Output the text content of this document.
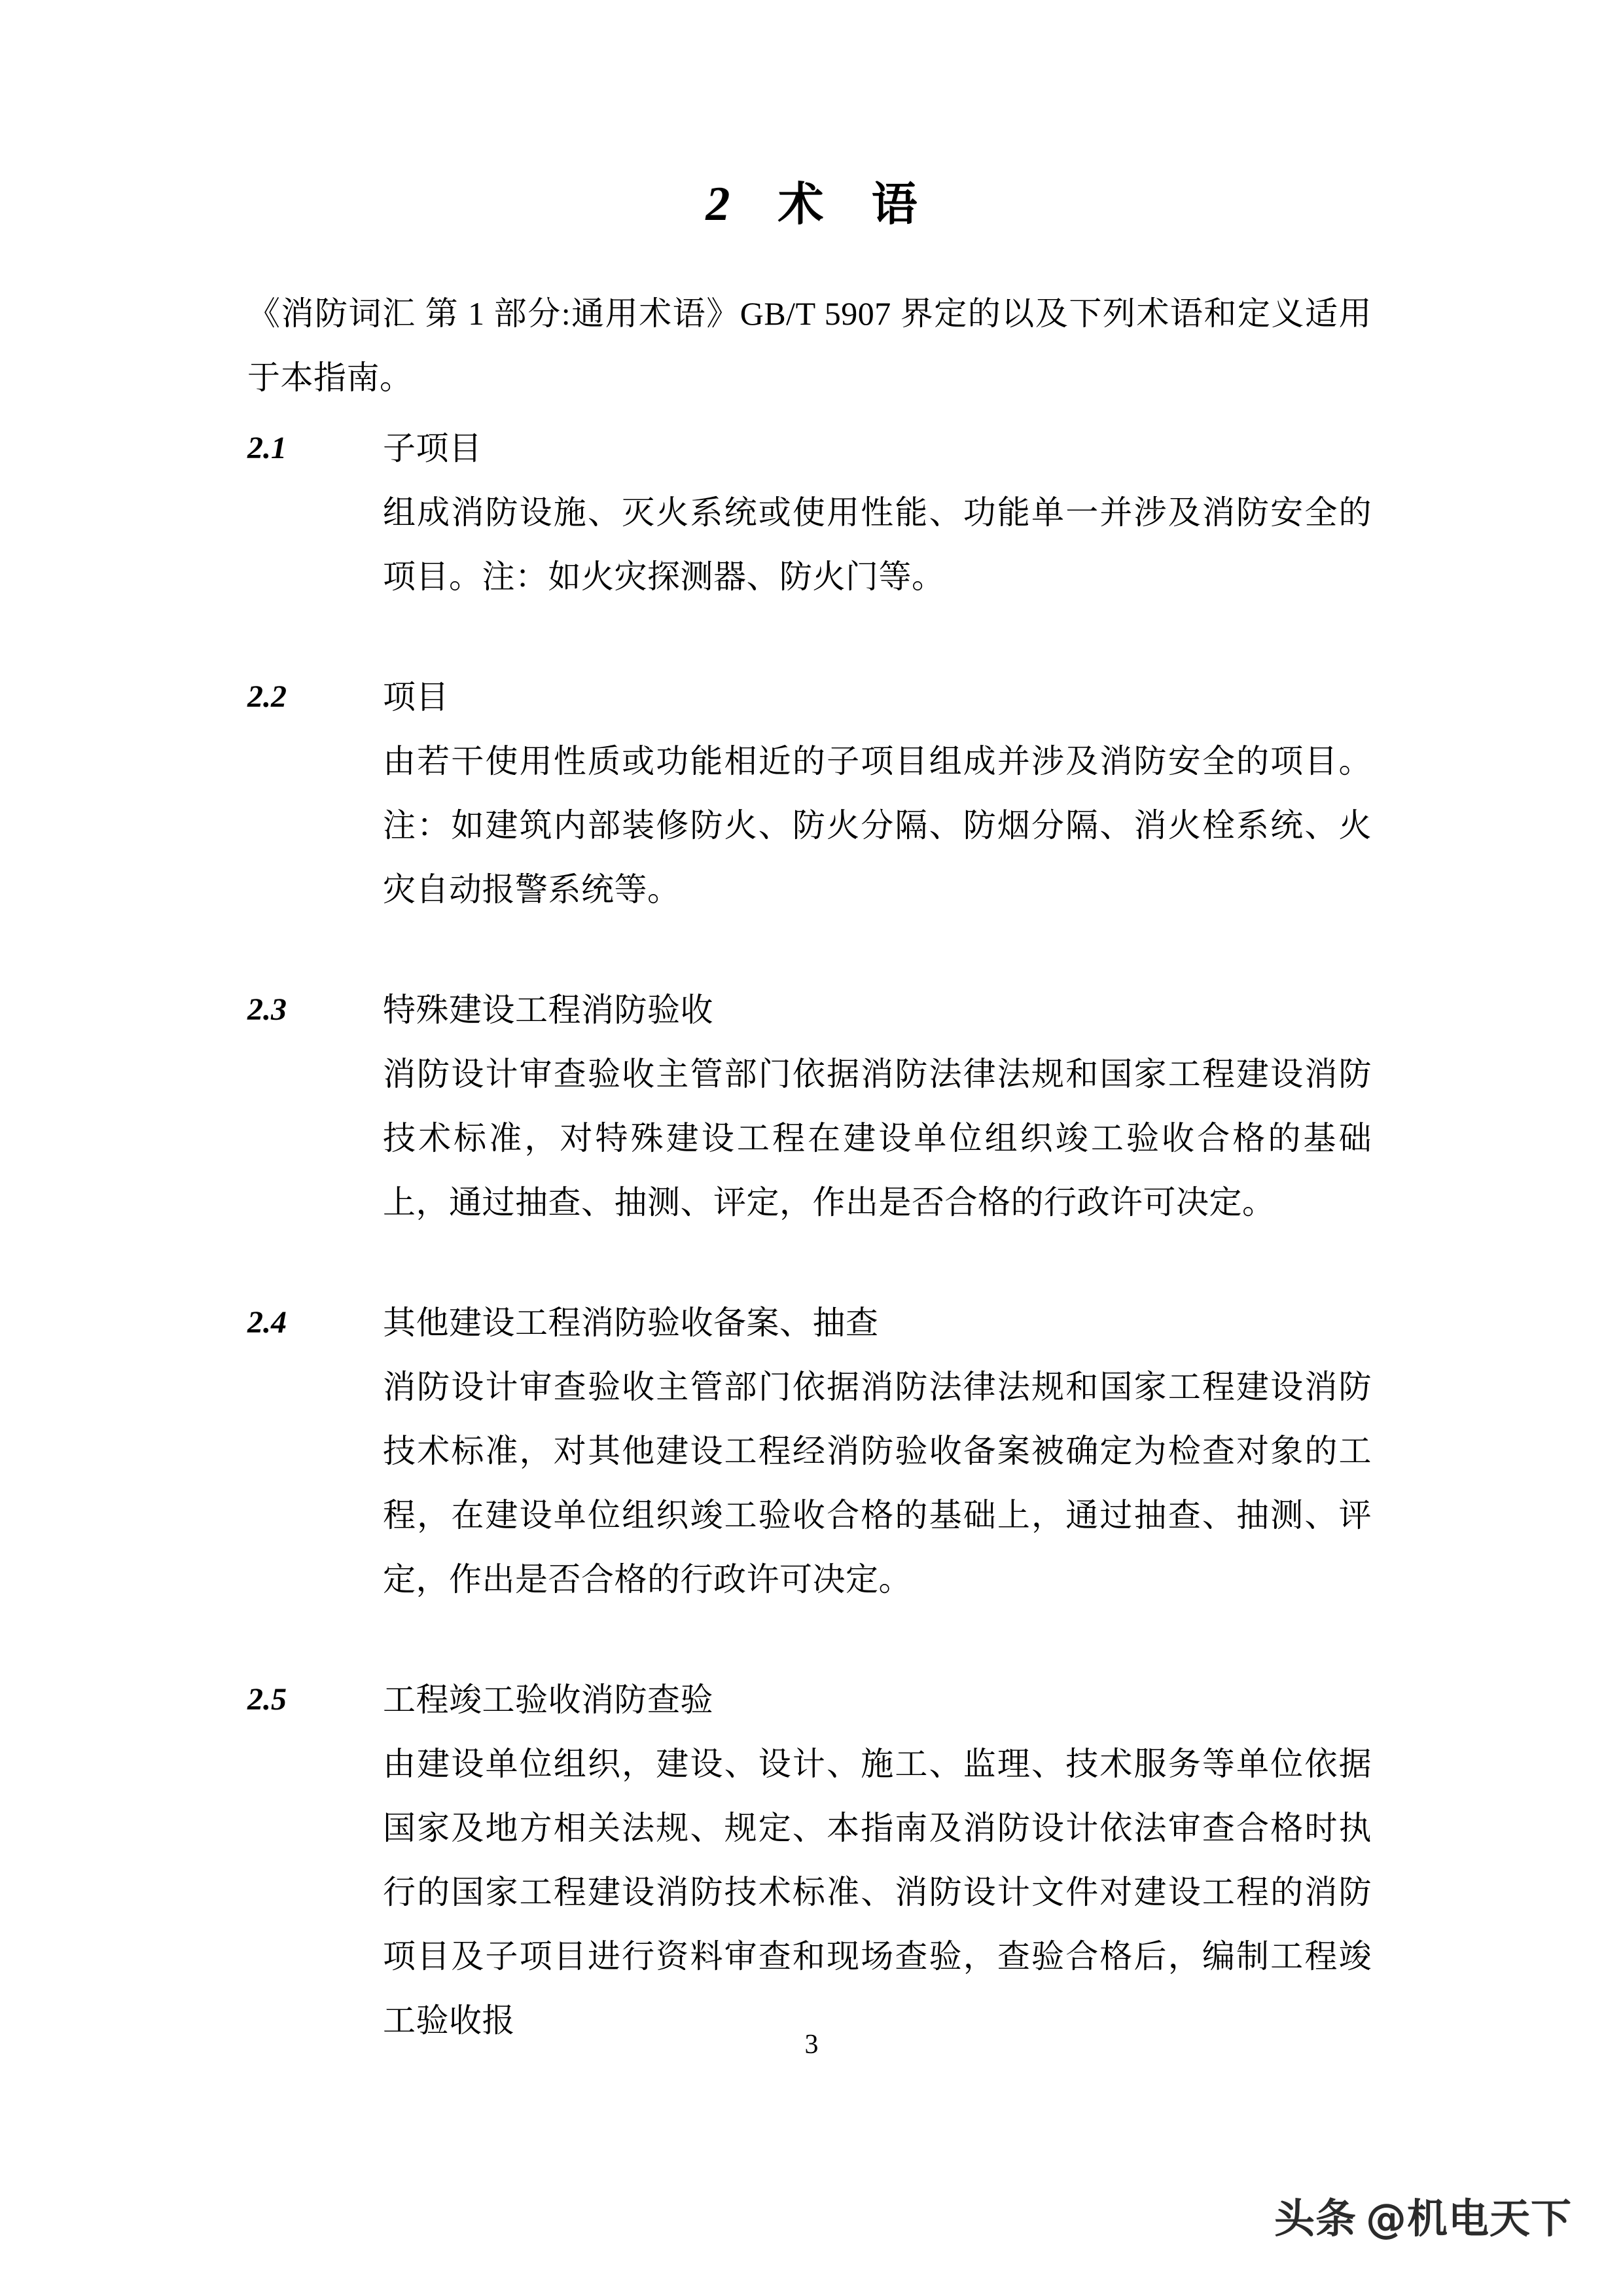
2 术 语

《消防词汇 第 1 部分:通用术语》GB/T 5907 界定的以及下列术语和定义适用于本指南。

2.1	子项目
组成消防设施、灭火系统或使用性能、功能单一并涉及消防安全的项目。注：如火灾探测器、防火门等。
2.2	项目
由若干使用性质或功能相近的子项目组成并涉及消防安全的项目。注：如建筑内部装修防火、防火分隔、防烟分隔、消火栓系统、火灾自动报警系统等。
2.3	特殊建设工程消防验收
消防设计审查验收主管部门依据消防法律法规和国家工程建设消防技术标准，对特殊建设工程在建设单位组织竣工验收合格的基础上，通过抽查、抽测、评定，作出是否合格的行政许可决定。
2.4	其他建设工程消防验收备案、抽查
消防设计审查验收主管部门依据消防法律法规和国家工程建设消防技术标准，对其他建设工程经消防验收备案被确定为检查对象的工程，在建设单位组织竣工验收合格的基础上，通过抽查、抽测、评定，作出是否合格的行政许可决定。
2.5	工程竣工验收消防查验
由建设单位组织，建设、设计、施工、监理、技术服务等单位依据国家及地方相关法规、规定、本指南及消防设计依法审查合格时执行的国家工程建设消防技术标准、消防设计文件对建设工程的消防项目及子项目进行资料审查和现场查验，查验合格后，编制工程竣工验收报
3
头条 @机电天下
